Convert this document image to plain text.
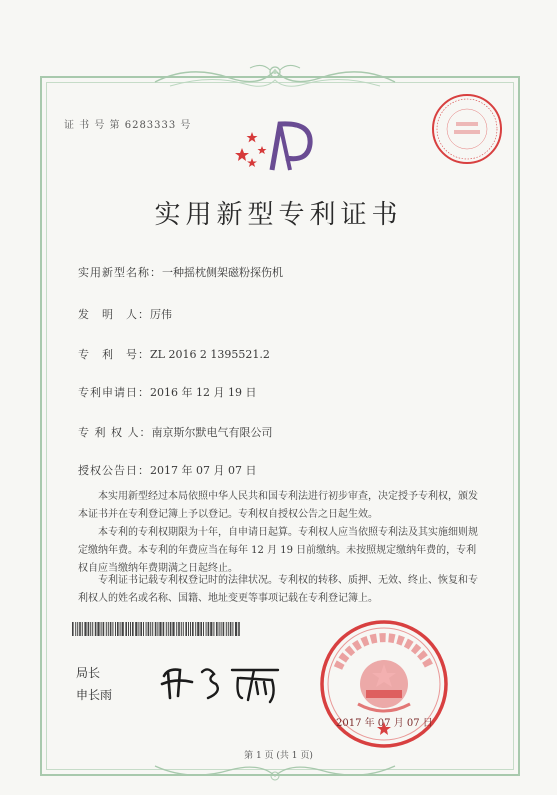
证 书 号 第 6283333 号
实用新型专利证书
实用新型名称：一种摇枕侧架磁粉探伤机
发　明　人：厉伟
专　利　号：ZL 2016 2 1395521.2
专利申请日：2016 年 12 月 19 日
专 利 权 人：南京斯尔默电气有限公司
授权公告日：2017 年 07 月 07 日
　　本实用新型经过本局依照中华人民共和国专利法进行初步审查，决定授予专利权，颁发本证书并在专利登记簿上予以登记。专利权自授权公告之日起生效。
　　本专利的专利权期限为十年，自申请日起算。专利权人应当依照专利法及其实施细则规定缴纳年费。本专利的年费应当在每年 12 月 19 日前缴纳。未按照规定缴纳年费的，专利权自应当缴纳年费期满之日起终止。
　　专利证书记载专利权登记时的法律状况。专利权的转移、质押、无效、终止、恢复和专利权人的姓名或名称、国籍、地址变更等事项记载在专利登记簿上。
局长
申长雨
2017 年 07 月 07 日
第 1 页 (共 1 页)
